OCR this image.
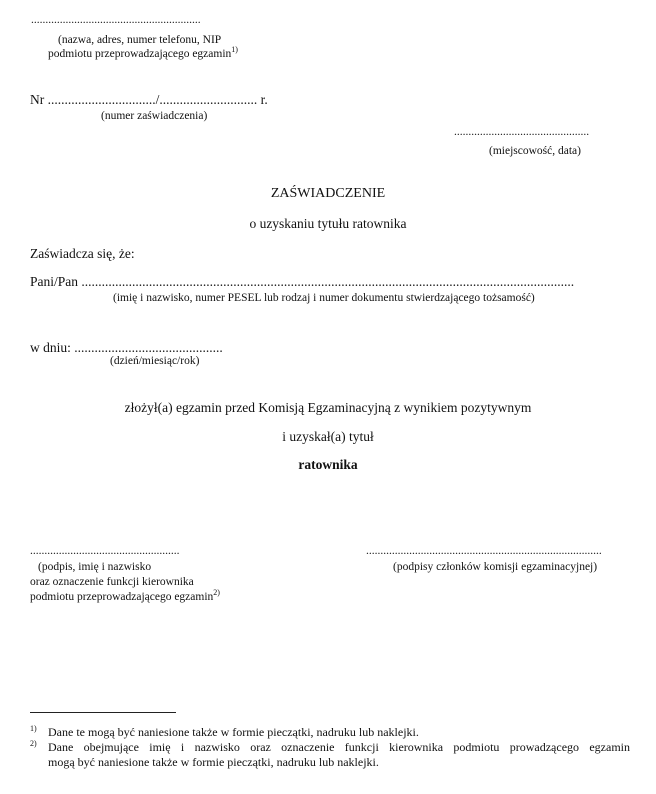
...........................................................
(nazwa, adres, numer telefonu, NIP
podmiotu przeprowadzającego egzamin$^{1)}$
Nr ................................/............................. r.
(numer zaświadczenia)
...............................................
(miejscowość, data)
ZAŚWIADCZENIE
o uzyskaniu tytułu ratownika
Zaświadcza się, że:
Pani/Pan ..................................................................................................................................................
(imię i nazwisko, numer PESEL lub rodzaj i numer dokumentu stwierdzającego tożsamość)
w dniu: ............................................
(dzień/miesiąc/rok)
złożył(a) egzamin przed Komisją Egzaminacyjną z wynikiem pozytywnym
i uzyskał(a) tytuł
ratownika
....................................................
(podpis, imię i nazwisko
oraz oznaczenie funkcji kierownika
podmiotu przeprowadzającego egzamin$^{2)}$
..................................................................................
(podpisy członków komisji egzaminacyjnej)
1) Dane te mogą być naniesione także w formie pieczątki, nadruku lub naklejki.
2) Dane obejmujące imię i nazwisko oraz oznaczenie funkcji kierownika podmiotu prowadzącego egzamin
mogą być naniesione także w formie pieczątki, nadruku lub naklejki.
